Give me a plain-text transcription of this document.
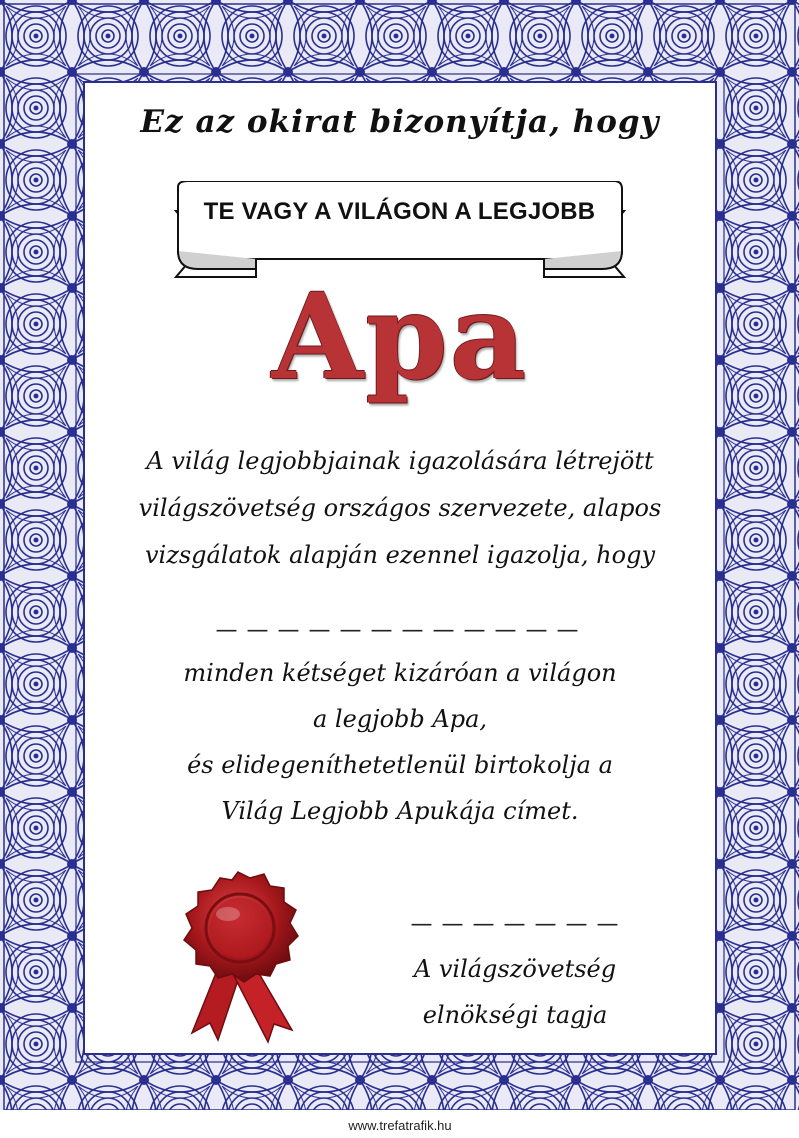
Ez az okirat bizonyítja, hogy
TE VAGY A VILÁGON A LEGJOBB
Apa
A világ legjobbjainak igazolására létrejött
világszövetség országos szervezete, alapos
vizsgálatok alapján ezennel igazolja, hogy
— — — — — — — — — — — —
minden kétséget kizáróan a világon
a legjobb Apa,
és elidegeníthetetlenül birtokolja a
Világ Legjobb Apukája címet.
— — — — — — —
A világszövetség
elnökségi tagja
www.trefatrafik.hu
